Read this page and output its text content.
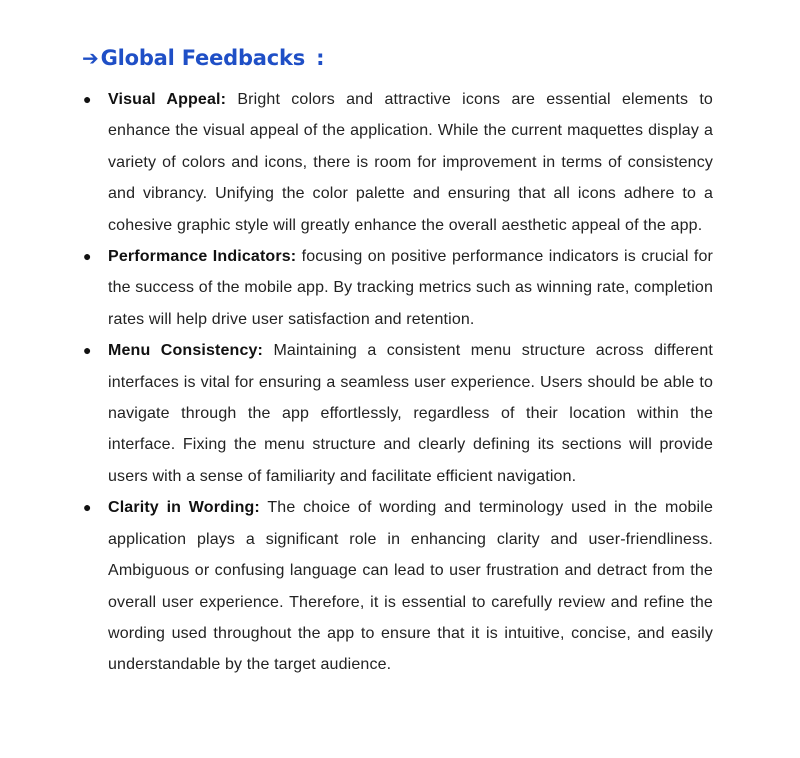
➔ Global Feedbacks :
● Visual Appeal: Bright colors and attractive icons are essential elements to enhance the visual appeal of the application. While the current maquettes display a variety of colors and icons, there is room for improvement in terms of consistency and vibrancy. Unifying the color palette and ensuring that all icons adhere to a cohesive graphic style will greatly enhance the overall aesthetic appeal of the app.
● Performance Indicators: focusing on positive performance indicators is crucial for the success of the mobile app. By tracking metrics such as winning rate, completion rates will help drive user satisfaction and retention.
● Menu Consistency: Maintaining a consistent menu structure across different interfaces is vital for ensuring a seamless user experience. Users should be able to navigate through the app effortlessly, regardless of their location within the interface. Fixing the menu structure and clearly defining its sections will provide users with a sense of familiarity and facilitate efficient navigation.
● Clarity in Wording: The choice of wording and terminology used in the mobile application plays a significant role in enhancing clarity and user-friendliness. Ambiguous or confusing language can lead to user frustration and detract from the overall user experience. Therefore, it is essential to carefully review and refine the wording used throughout the app to ensure that it is intuitive, concise, and easily understandable by the target audience.
